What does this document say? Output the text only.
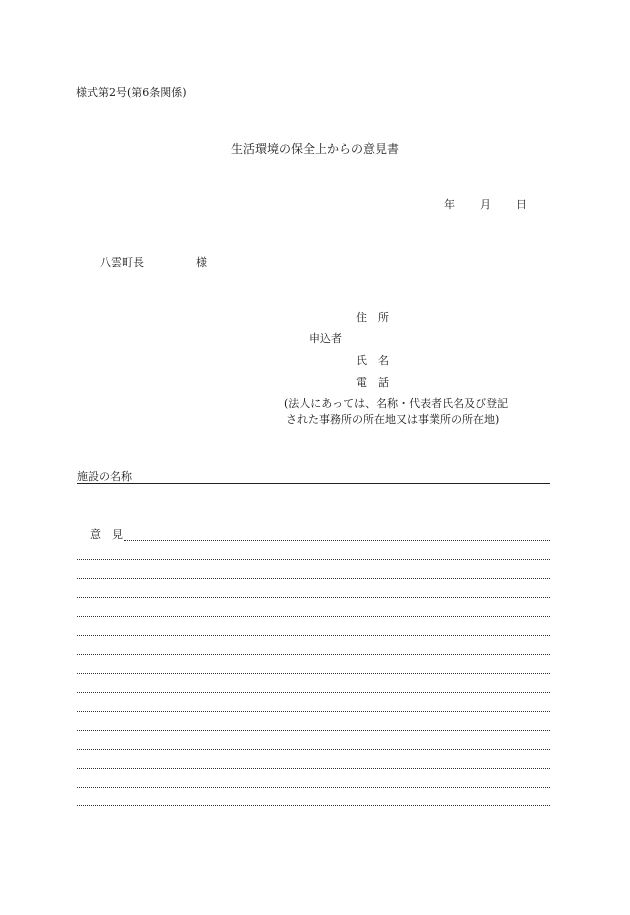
様式第2号(第6条関係)
生活環境の保全上からの意見書
年 月 日
八雲町長	様
住　所
申込者
氏　名
電　話
(法人にあっては、名称・代表者氏名及び登記
された事務所の所在地又は事業所の所在地)
施設の名称
意　見
